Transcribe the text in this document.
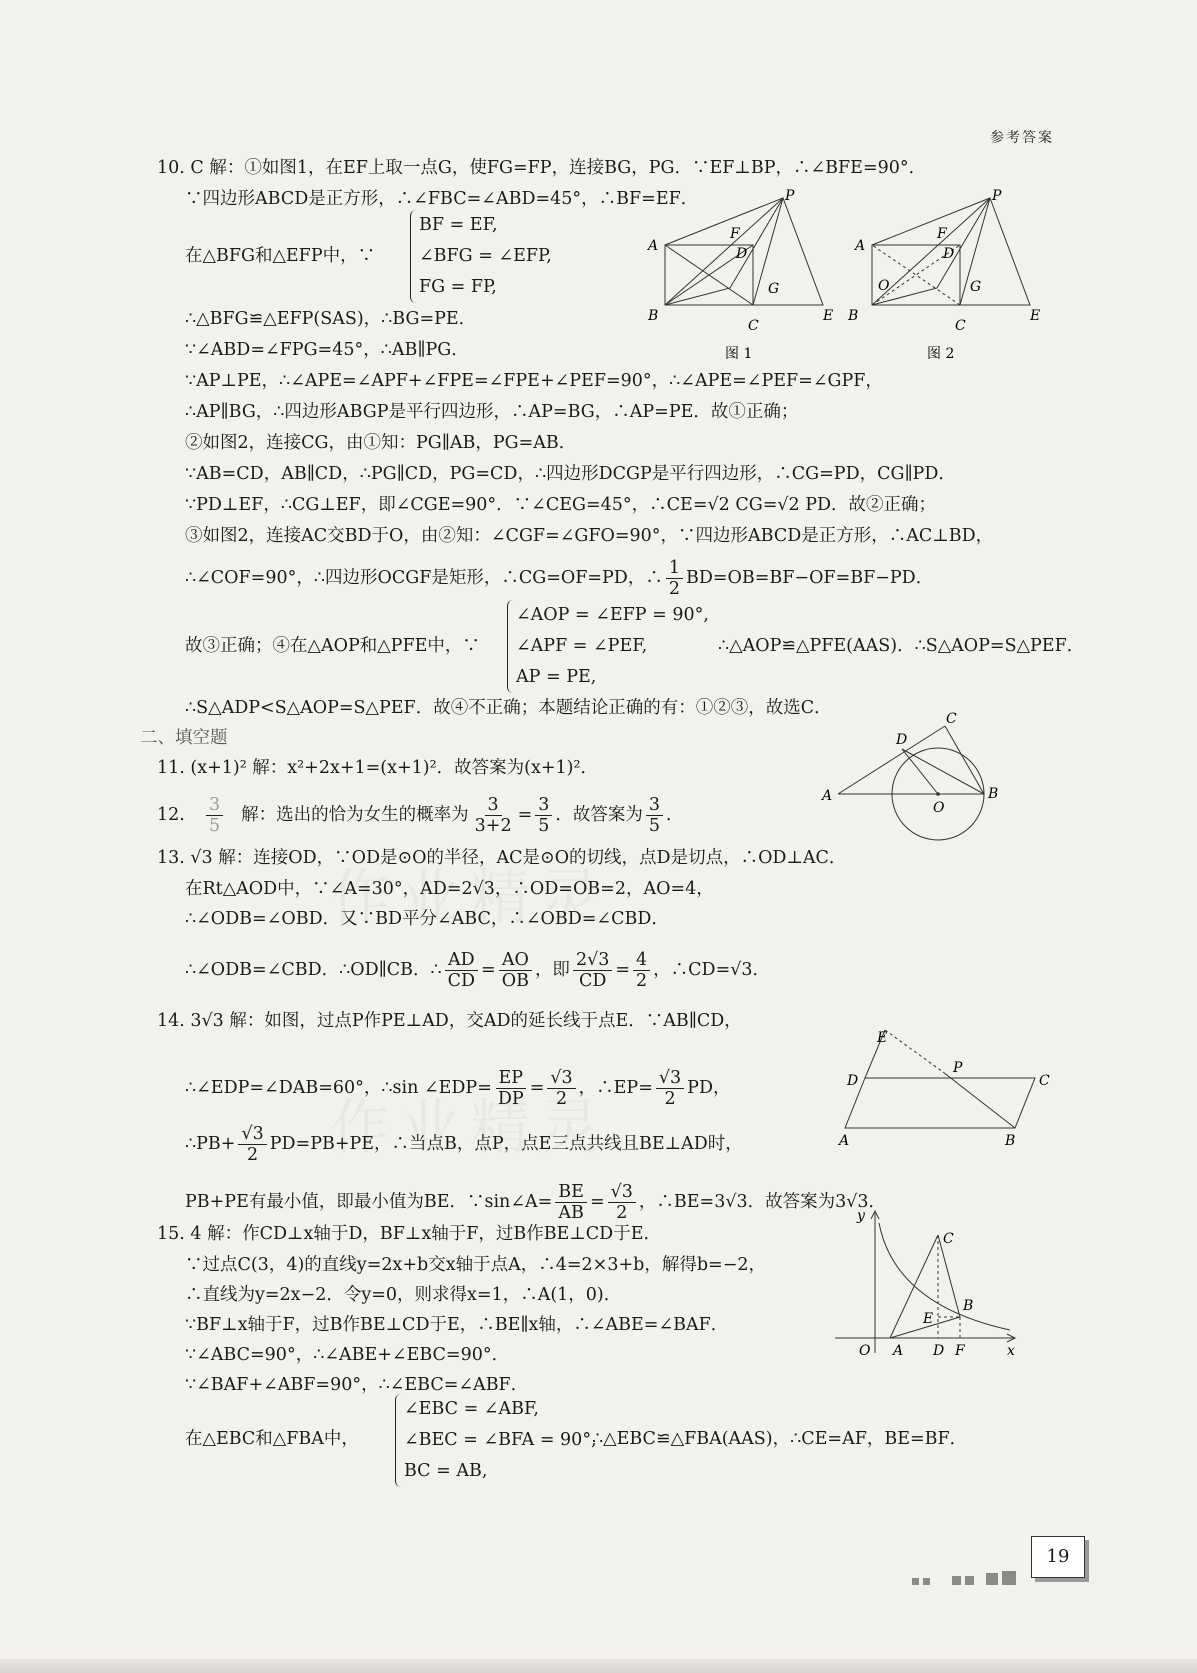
参考答案
10. C 解：①如图1，在EF上取一点G，使FG=FP，连接BG，PG．∵EF⊥BP，∴∠BFE=90°．
∵四边形ABCD是正方形，∴∠FBC=∠ABD=45°，∴BF=EF．
在△BFG和△EFP中，∵
BF = EF,
∠BFG = ∠EFP,
FG = FP,
∴△BFG≌△EFP(SAS)，∴BG=PE．
∵∠ABD=∠FPG=45°，∴AB∥PG．
∵AP⊥PE，∴∠APE=∠APF+∠FPE=∠FPE+∠PEF=90°，∴∠APE=∠PEF=∠GPF，
∴AP∥BG，∴四边形ABGP是平行四边形，∴AP=BG，∴AP=PE．故①正确；
②如图2，连接CG，由①知：PG∥AB，PG=AB．
∵AB=CD，AB∥CD，∴PG∥CD，PG=CD，∴四边形DCGP是平行四边形，∴CG=PD，CG∥PD．
∵PD⊥EF，∴CG⊥EF，即∠CGE=90°．∵∠CEG=45°，∴CE=√2 CG=√2 PD．故②正确；
③如图2，连接AC交BD于O，由②知：∠CGF=∠GFO=90°，∵四边形ABCD是正方形，∴AC⊥BD，
∴∠COF=90°，∴四边形OCGF是矩形，∴CG=OF=PD，∴ $\frac{1}{2} BD=OB=BF-OF=BF-PD$．
故③正确；④在△AOP和△PFE中，∵
∠AOP = ∠EFP = 90°,
∠APF = ∠PEF,
AP = PE,
∴△AOP≌△PFE(AAS)．∴S△AOP=S△PEF．
∴S△ADP<S△AOP=S△PEF．故④不正确；本题结论正确的有：①②③，故选C．
P
A
F
D
G
B
C
E
图 1
P
A
F
D
O	G
B
C
E
图 2
二、填空题
11. (x+1)² 解：x²+2x+1=(x+1)²．故答案为(x+1)²．
12. $\frac{3}{5}$ 解：选出的恰为女生的概率为 $\frac{3}{3+2} = \frac{3}{5}$ ．故答案为 $\frac{3}{5}$ ．
C
D
A
O
B
13. √3 解：连接OD，∵OD是⊙O的半径，AC是⊙O的切线，点D是切点，∴OD⊥AC．
在Rt△AOD中，∵∠A=30°，AD=2√3，∴OD=OB=2，AO=4，
∴∠ODB=∠OBD．又∵BD平分∠ABC，∴∠OBD=∠CBD．
∴∠ODB=∠CBD．∴OD∥CB．∴ $\frac{AD}{CD} = \frac{AO}{OB}$ ，即 $\frac{2√3}{CD} = \frac{4}{2}$ ，∴CD=√3．
14. 3√3 解：如图，过点P作PE⊥AD，交AD的延长线于点E．∵AB∥CD，
∴∠EDP=∠DAB=60°，∴sin ∠EDP= $\frac{EP}{DP} = \frac{√3}{2}$ ，∴EP= $\frac{√3}{2}$ PD，
∴PB+ $\frac{√3}{2} PD=PB+PE$，∴当点B，点P，点E三点共线且BE⊥AD时，
PB+PE有最小值，即最小值为BE．∵sin∠A= $\frac{BE}{AB} = \frac{√3}{2}$ ，∴BE=3√3．故答案为3√3．
E
P
D	C
A	B
15. 4 解：作CD⊥x轴于D，BF⊥x轴于F，过B作BE⊥CD于E．
∵过点C(3，4)的直线y=2x+b交x轴于点A，∴4=2×3+b，解得b=−2，
∴直线为y=2x−2．令y=0，则求得x=1，∴A(1，0)．
∵BF⊥x轴于F，过B作BE⊥CD于E，∴BE∥x轴，∴∠ABE=∠BAF．
∵∠ABC=90°，∴∠ABE+∠EBC=90°．
∵∠BAF+∠ABF=90°，∴∠EBC=∠ABF．
在△EBC和△FBA中，
∠EBC = ∠ABF,
∠BEC = ∠BFA = 90°,
BC = AB,
∴△EBC≌△FBA(AAS)，∴CE=AF，BE=BF．
y
C
B
E
O A D F	x
19
